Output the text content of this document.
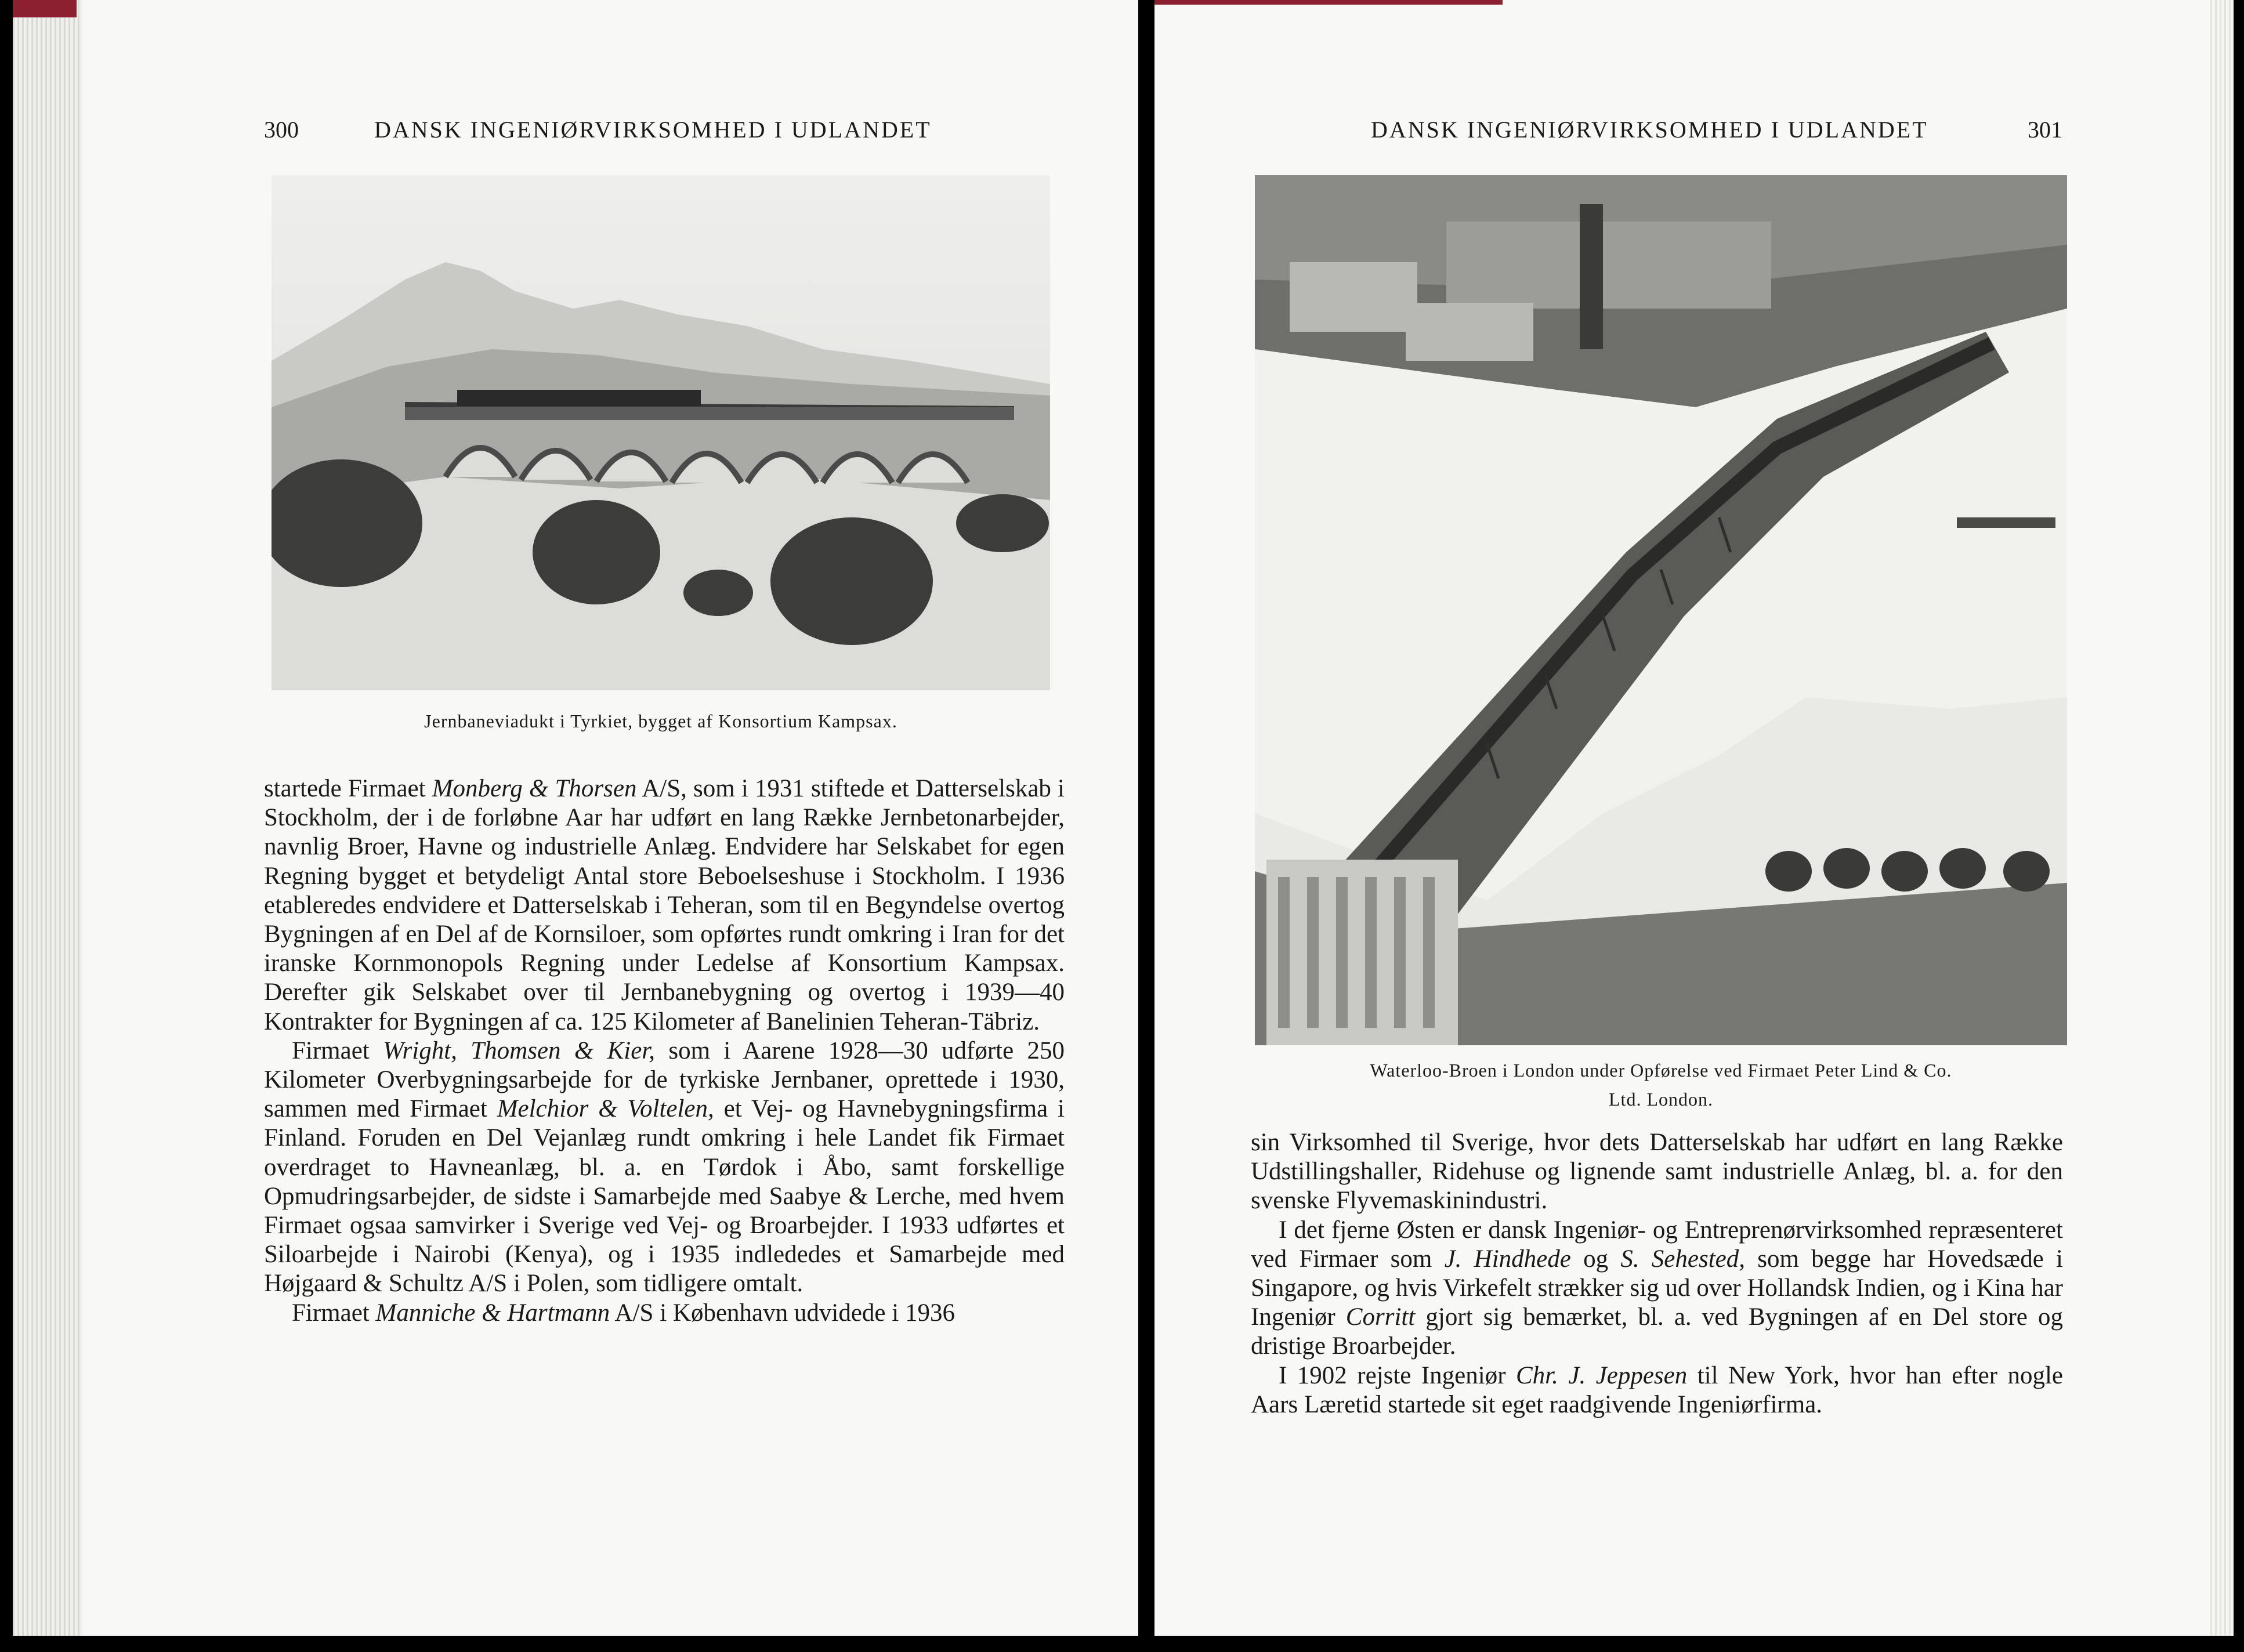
300	DANSK INGENIØRVIRKSOMHED I UDLANDET
Jernbaneviadukt i Tyrkiet, bygget af Konsortium Kampsax.

startede Firmaet Monberg & Thorsen A/S, som i 1931 stiftede et Datterselskab i Stockholm, der i de forløbne Aar har udført en lang Række Jernbetonarbejder, navnlig Broer, Havne og industrielle Anlæg. Endvidere har Selskabet for egen Regning bygget et betydeligt Antal store Beboelseshuse i Stockholm. I 1936 etableredes endvidere et Datterselskab i Teheran, som til en Begyndelse overtog Bygningen af en Del af de Kornsiloer, som opførtes rundt omkring i Iran for det iranske Kornmonopols Regning under Ledelse af Konsortium Kampsax. Derefter gik Selskabet over til Jernbanebygning og overtog i 1939—40 Kontrakter for Bygningen af ca. 125 Kilometer af Banelinien Teheran-Täbriz.

Firmaet Wright, Thomsen & Kier, som i Aarene 1928—30 udførte 250 Kilometer Overbygningsarbejde for de tyrkiske Jernbaner, oprettede i 1930, sammen med Firmaet Melchior & Voltelen, et Vej- og Havnebygningsfirma i Finland. Foruden en Del Vejanlæg rundt omkring i hele Landet fik Firmaet overdraget to Havneanlæg, bl. a. en Tørdok i Åbo, samt forskellige Opmudringsarbejder, de sidste i Samarbejde med Saabye & Lerche, med hvem Firmaet ogsaa samvirker i Sverige ved Vej- og Broarbejder. I 1933 udførtes et Siloarbejde i Nairobi (Kenya), og i 1935 indlededes et Samarbejde med Højgaard & Schultz A/S i Polen, som tidligere omtalt.

Firmaet Manniche & Hartmann A/S i København udvidede i 1936

DANSK INGENIØRVIRKSOMHED I UDLANDET	301
Waterloo-Broen i London under Opførelse ved Firmaet Peter Lind & Co.
Ltd. London.

sin Virksomhed til Sverige, hvor dets Datterselskab har udført en lang Række Udstillingshaller, Ridehuse og lignende samt industrielle Anlæg, bl. a. for den svenske Flyvemaskinindustri.

I det fjerne Østen er dansk Ingeniør- og Entreprenørvirksomhed repræsenteret ved Firmaer som J. Hindhede og S. Sehested, som begge har Hovedsæde i Singapore, og hvis Virkefelt strækker sig ud over Hollandsk Indien, og i Kina har Ingeniør Corritt gjort sig bemærket, bl. a. ved Bygningen af en Del store og dristige Broarbejder.

I 1902 rejste Ingeniør Chr. J. Jeppesen til New York, hvor han efter nogle Aars Læretid startede sit eget raadgivende Ingeniørfirma.
